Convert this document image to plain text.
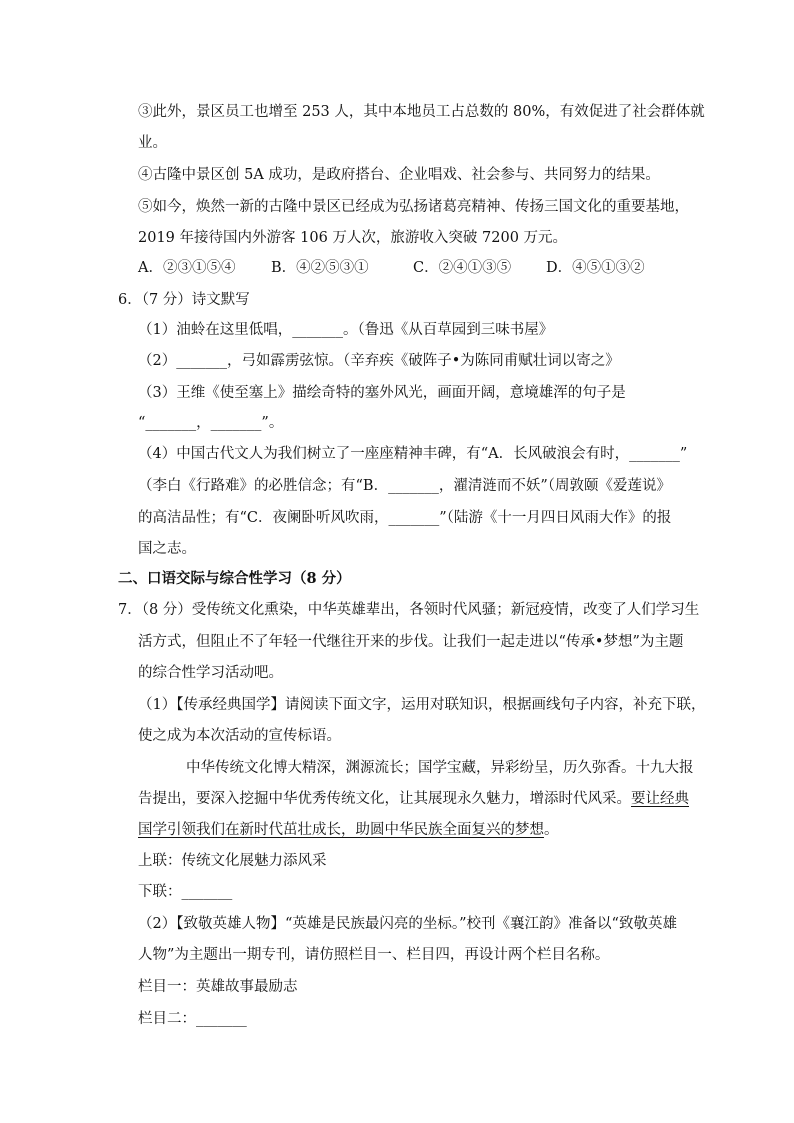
③此外，景区员工也增至 253 人，其中本地员工占总数的 80%，有效促进了社会群体就
业。
④古隆中景区创 5A 成功，是政府搭台、企业唱戏、社会参与、共同努力的结果。
⑤如今，焕然一新的古隆中景区已经成为弘扬诸葛亮精神、传扬三国文化的重要基地，
2019 年接待国内外游客 106 万人次，旅游收入突破 7200 万元。
A．②③①⑤④ B．④②⑤③①	C．②④①③⑤ D．④⑤①③②
6．（7 分）诗文默写
（1）油蛉在这里低唱，_______。（鲁迅《从百草园到三味书屋》
（2）_______，弓如霹雳弦惊。（辛弃疾《破阵子•为陈同甫赋壮词以寄之》
（3）王维《使至塞上》描绘奇特的塞外风光，画面开阔，意境雄浑的句子是
“_______，_______”。
（4）中国古代文人为我们树立了一座座精神丰碑，有“A．长风破浪会有时，_______”
（李白《行路难》的必胜信念；有“B．_______，濯清涟而不妖”（周敦颐《爱莲说》
的高洁品性；有“C．夜阑卧听风吹雨，_______”（陆游《十一月四日风雨大作》的报
国之志。
二、口语交际与综合性学习（8 分）
7．（8 分）受传统文化熏染，中华英雄辈出，各领时代风骚；新冠疫情，改变了人们学习生
活方式，但阻止不了年轻一代继往开来的步伐。让我们一起走进以“传承•梦想”为主题
的综合性学习活动吧。
（1）【传承经典国学】请阅读下面文字，运用对联知识，根据画线句子内容，补充下联，
使之成为本次活动的宣传标语。
中华传统文化博大精深，渊源流长；国学宝藏，异彩纷呈，历久弥香。十九大报
告提出，要深入挖掘中华优秀传统文化，让其展现永久魅力，增添时代风采。要让经典
国学引领我们在新时代茁壮成长，助圆中华民族全面复兴的梦想。
上联：传统文化展魅力添风采
下联：_______
（2）【致敬英雄人物】“英雄是民族最闪亮的坐标。”校刊《襄江韵》准备以“致敬英雄
人物”为主题出一期专刊，请仿照栏目一、栏目四，再设计两个栏目名称。
栏目一：英雄故事最励志
栏目二：_______
